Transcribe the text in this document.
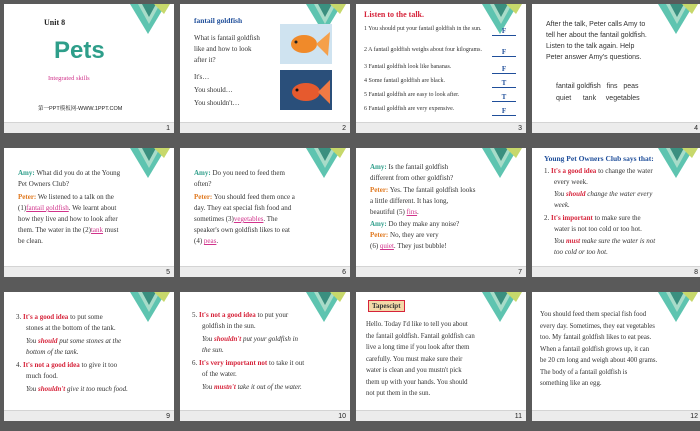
Unit 8
Pets
Integrated skills
第一PPT模板网-WWW.1PPT.COM
1
fantail goldfish
What is fantail goldfish
like and how to look
after it?
It's…
You should…
You shouldn't…
2
Listen to the talk.
1 You should put your fantail goldfish in the sun.	F
2 A fantail goldfish weighs about four kilograms.	F
3 Fantail goldfish look like bananas.	F
4 Some fantail goldfish are black.	T
5 Fantail goldfish are easy to look after.	T
6 Fantail goldfish are very expensive.	F
3
After the talk, Peter calls Amy to
tell her about the fantail goldfish.
Listen to the talk again. Help
Peter answer Amy's questions.
fantail goldfish   fins   peas
quiet      tank     vegetables
4
Amy: What did you do at the Young
Pet Owners Club?
Peter: We listened to a talk on the
(1)fantail goldfish. We learnt about
how they live and how to look after
them. The water in the (2)tank must
be clean.
5
Amy: Do you need to feed them
often?
Peter: You should feed them once a
day. They eat special fish food and
sometimes (3)vegetables. The
speaker's own goldfish likes to eat
(4) peas.
6
Amy: Is the fantail goldfish
different from other goldfish?
Peter: Yes. The fantail goldfish looks
a little different. It has long,
beautiful (5) fins.
Amy: Do they make any noise?
Peter: No, they are very
(6) quiet. They just bubble!
7
Young Pet Owners Club says that:
1. It's a good idea to change the water
every week.
You should change the water every
week.
2. It's important to make sure the
water is not too cold or too hot.
You must make sure the water is not
too cold or too hot.
8
3. It's a good idea to put some
stones at the bottom of the tank.
You should put some stones at the
bottom of the tank.
4. It's not a good idea to give it too
much food.
You shouldn't give it too much food.
9
5. It's not a good idea to put your
goldfish in the sun.
You shouldn't put your goldfish in
the sun.
6. It's very important not to take it out
of the water.
You mustn't take it out of the water.
10
Tapescipt
Hello. Today I'd like to tell you about
the fantail goldfish. Fantail goldfish can
live a long time if you look after them
carefully. You must make sure their
water is clean and you mustn't pick
them up with your hands. You should
not put them in the sun.
11
You should feed them special fish food
every day. Sometimes, they eat vegetables
too. My fantail goldfish likes to eat peas.
When a fantail goldfish grows up, it can
be 20 cm long and weigh about 400 grams.
The body of a fantail goldfish is
something like an egg.
12
